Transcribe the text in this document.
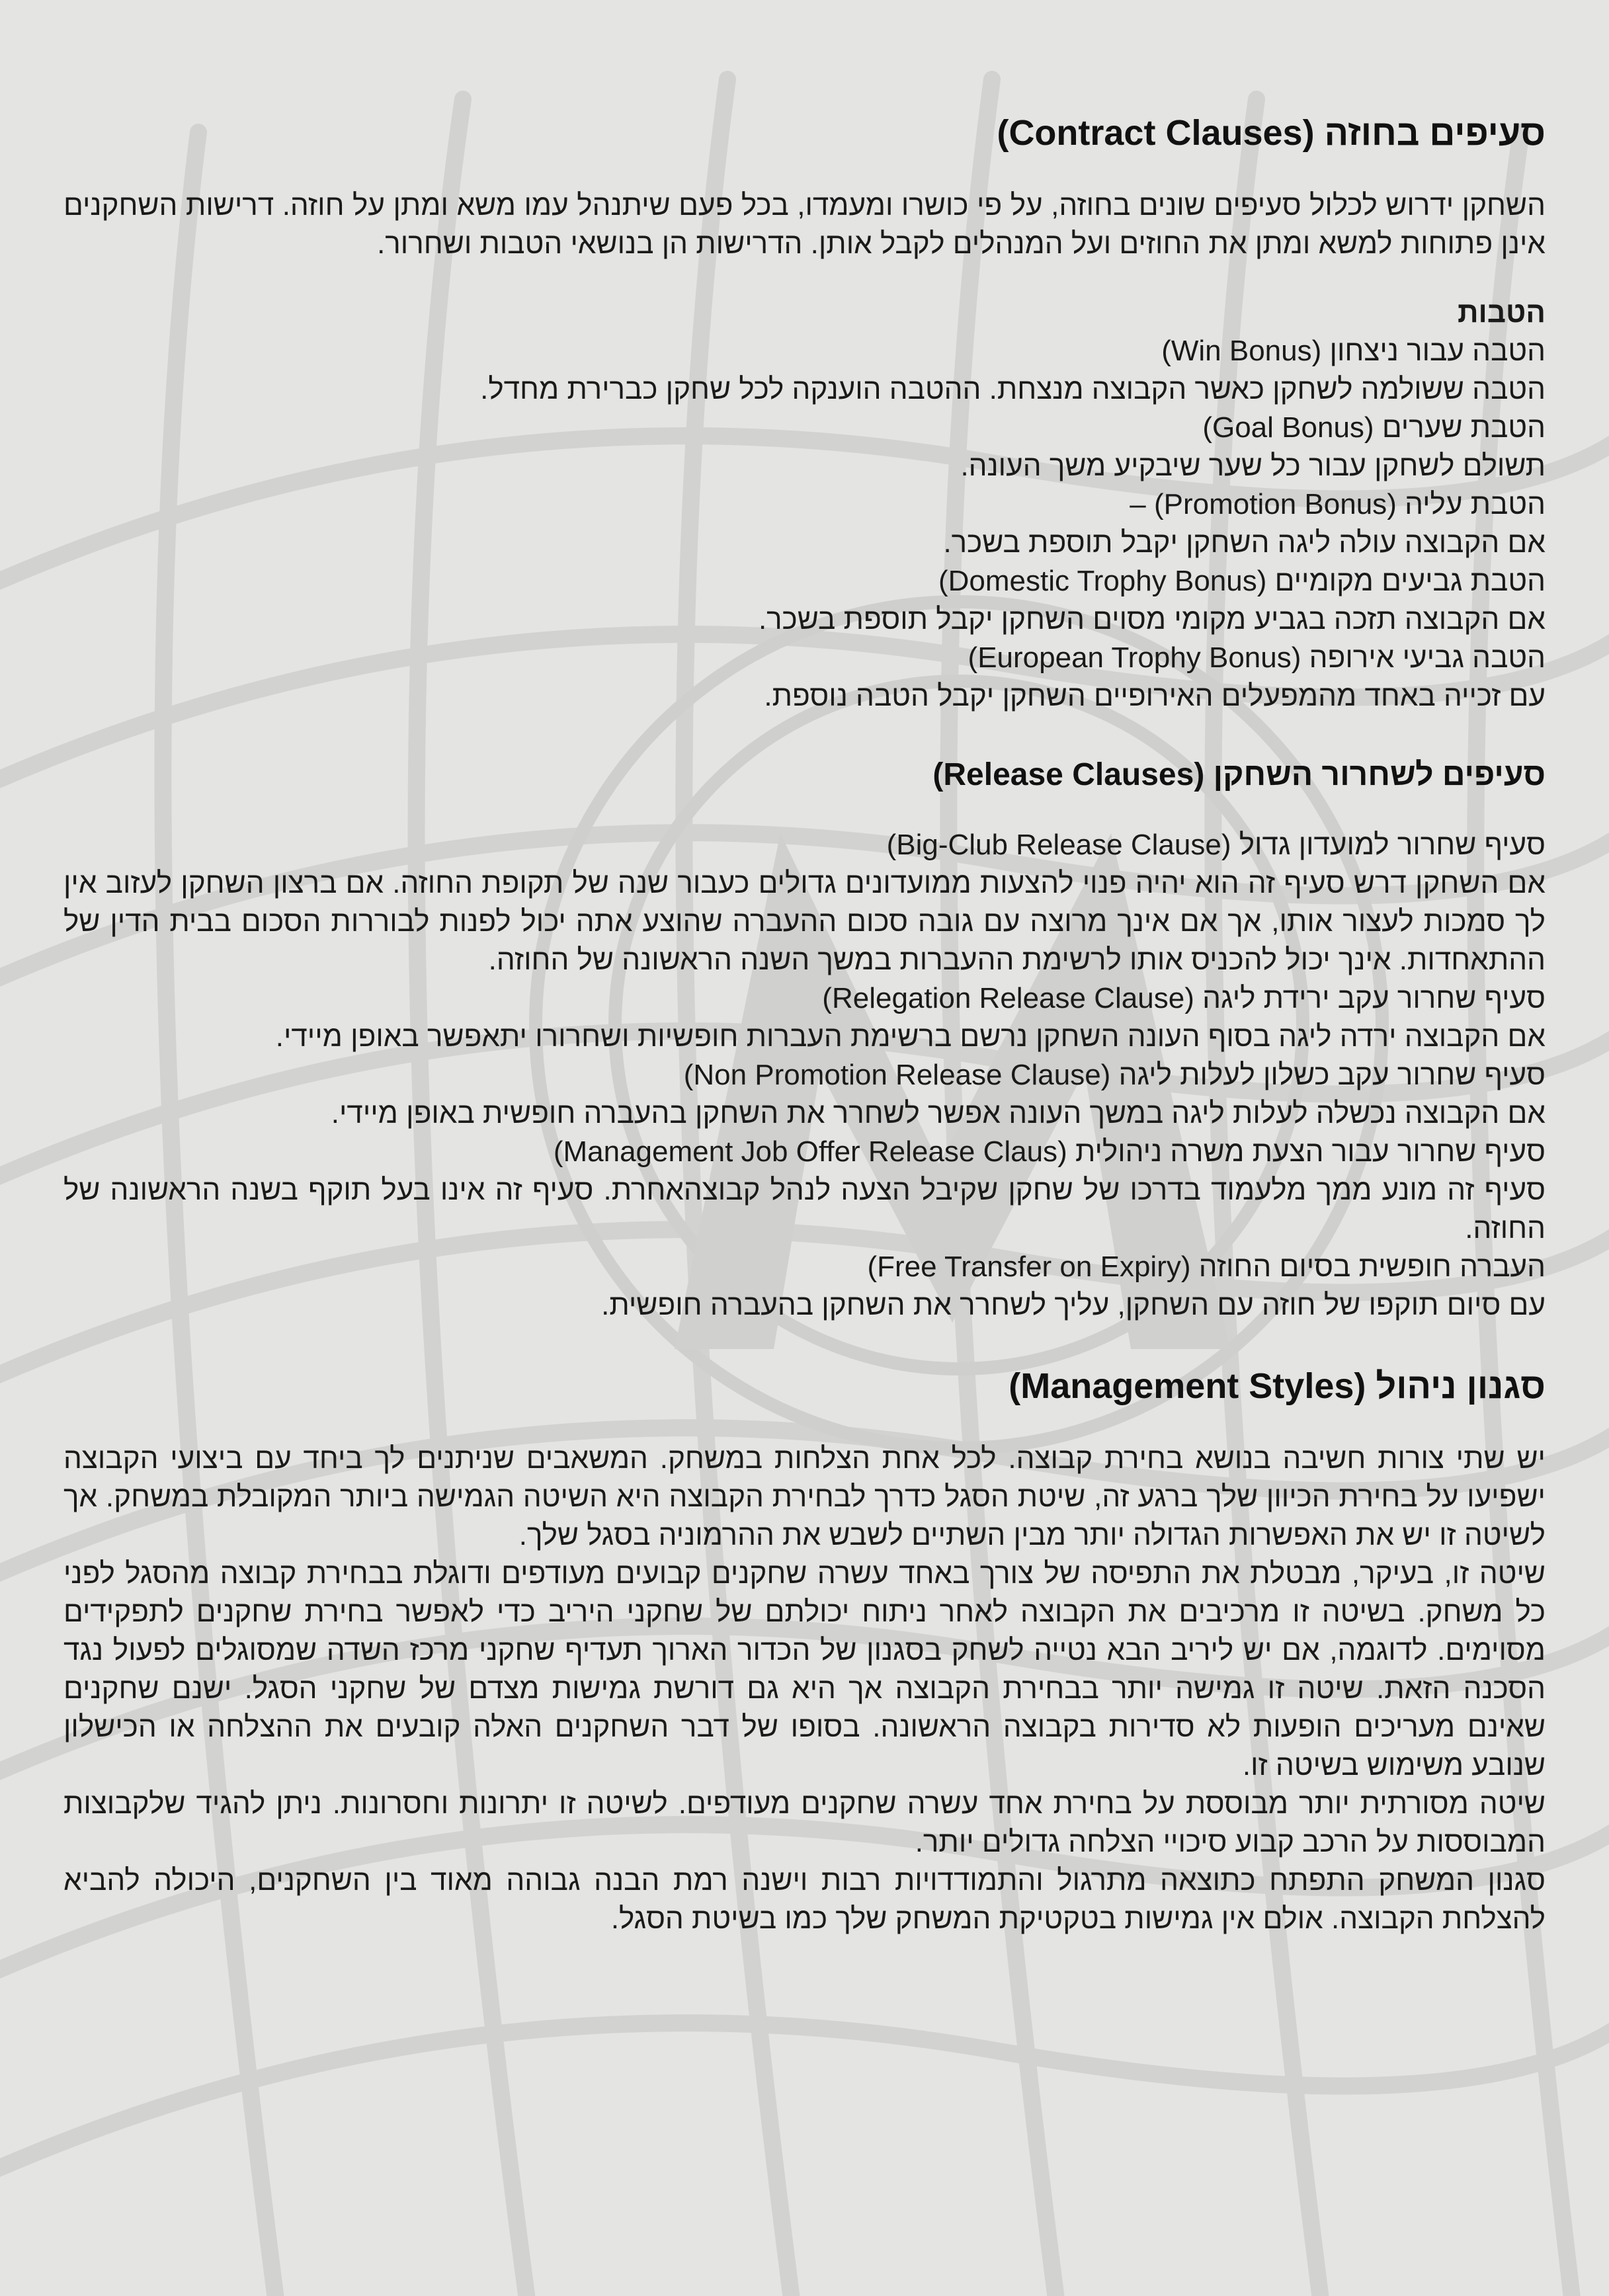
סעיפים בחוזה (Contract Clauses)

השחקן ידרוש לכלול סעיפים שונים בחוזה, על פי כושרו ומעמדו, בכל פעם שיתנהל עמו משא ומתן על חוזה. דרישות השחקנים אינן פתוחות למשא ומתן את החוזים ועל המנהלים לקבל אותן. הדרישות הן בנושאי הטבות ושחרור.

הטבות
הטבה עבור ניצחון (Win Bonus)
הטבה ששולמה לשחקן כאשר הקבוצה מנצחת. ההטבה הוענקה לכל שחקן כברירת מחדל.
הטבת שערים (Goal Bonus)
תשולם לשחקן עבור כל שער שיבקיע משך העונה.
הטבת עליה (Promotion Bonus) –
אם הקבוצה עולה ליגה השחקן יקבל תוספת בשכר.
הטבת גביעים מקומיים (Domestic Trophy Bonus)
אם הקבוצה תזכה בגביע מקומי מסוים השחקן יקבל תוספת בשכר.
הטבה גביעי אירופה (European Trophy Bonus)
עם זכייה באחד מהמפעלים האירופיים השחקן יקבל הטבה נוספת.
סעיפים לשחרור השחקן (Release Clauses)
סעיף שחרור למועדון גדול (Big-Club Release Clause)
אם השחקן דרש סעיף זה הוא יהיה פנוי להצעות ממועדונים גדולים כעבור שנה של תקופת החוזה. אם ברצון השחקן לעזוב אין לך סמכות לעצור אותו, אך אם אינך מרוצה עם גובה סכום ההעברה שהוצע אתה יכול לפנות לבוררות הסכום בבית הדין של ההתאחדות. אינך יכול להכניס אותו לרשימת ההעברות במשך השנה הראשונה של החוזה.
סעיף שחרור עקב ירידת ליגה (Relegation Release Clause)
אם הקבוצה ירדה ליגה בסוף העונה השחקן נרשם ברשימת העברות חופשיות ושחרורו יתאפשר באופן מיידי.
סעיף שחרור עקב כשלון לעלות ליגה (Non Promotion Release Clause)
אם הקבוצה נכשלה לעלות ליגה במשך העונה אפשר לשחרר את השחקן בהעברה חופשית באופן מיידי.
סעיף שחרור עבור הצעת משרה ניהולית (Management Job Offer Release Claus)
סעיף זה מונע ממך מלעמוד בדרכו של שחקן שקיבל הצעה לנהל קבוצהאחרת. סעיף זה אינו בעל תוקף בשנה הראשונה של החוזה.
העברה חופשית בסיום החוזה (Free Transfer on Expiry)
עם סיום תוקפו של חוזה עם השחקן, עליך לשחרר את השחקן בהעברה חופשית.
סגנון ניהול (Management Styles)
יש שתי צורות חשיבה בנושא בחירת קבוצה. לכל אחת הצלחות במשחק. המשאבים שניתנים לך ביחד עם ביצועי הקבוצה ישפיעו על בחירת הכיוון שלך ברגע זה, שיטת הסגל כדרך לבחירת הקבוצה היא השיטה הגמישה ביותר המקובלת במשחק. אך לשיטה זו יש את האפשרות הגדולה יותר מבין השתיים לשבש את ההרמוניה בסגל שלך.
שיטה זו, בעיקר, מבטלת את התפיסה של צורך באחד עשרה שחקנים קבועים מעודפים ודוגלת בבחירת קבוצה מהסגל לפני כל משחק. בשיטה זו מרכיבים את הקבוצה לאחר ניתוח יכולתם של שחקני היריב כדי לאפשר בחירת שחקנים לתפקידים מסוימים. לדוגמה, אם יש ליריב הבא נטייה לשחק בסגנון של הכדור הארוך תעדיף שחקני מרכז השדה שמסוגלים לפעול נגד הסכנה הזאת. שיטה זו גמישה יותר בבחירת הקבוצה אך היא גם דורשת גמישות מצדם של שחקני הסגל. ישנם שחקנים שאינם מעריכים הופעות לא סדירות בקבוצה הראשונה. בסופו של דבר השחקנים האלה קובעים את ההצלחה או הכישלון שנובע משימוש בשיטה זו.
שיטה מסורתית יותר מבוססת על בחירת אחד עשרה שחקנים מעודפים. לשיטה זו יתרונות וחסרונות. ניתן להגיד שלקבוצות המבוססות על הרכב קבוע סיכויי הצלחה גדולים יותר.
סגנון המשחק התפתח כתוצאה מתרגול והתמודדויות רבות וישנה רמת הבנה גבוהה מאוד בין השחקנים, היכולה להביא להצלחת הקבוצה. אולם אין גמישות בטקטיקת המשחק שלך כמו בשיטת הסגל.
